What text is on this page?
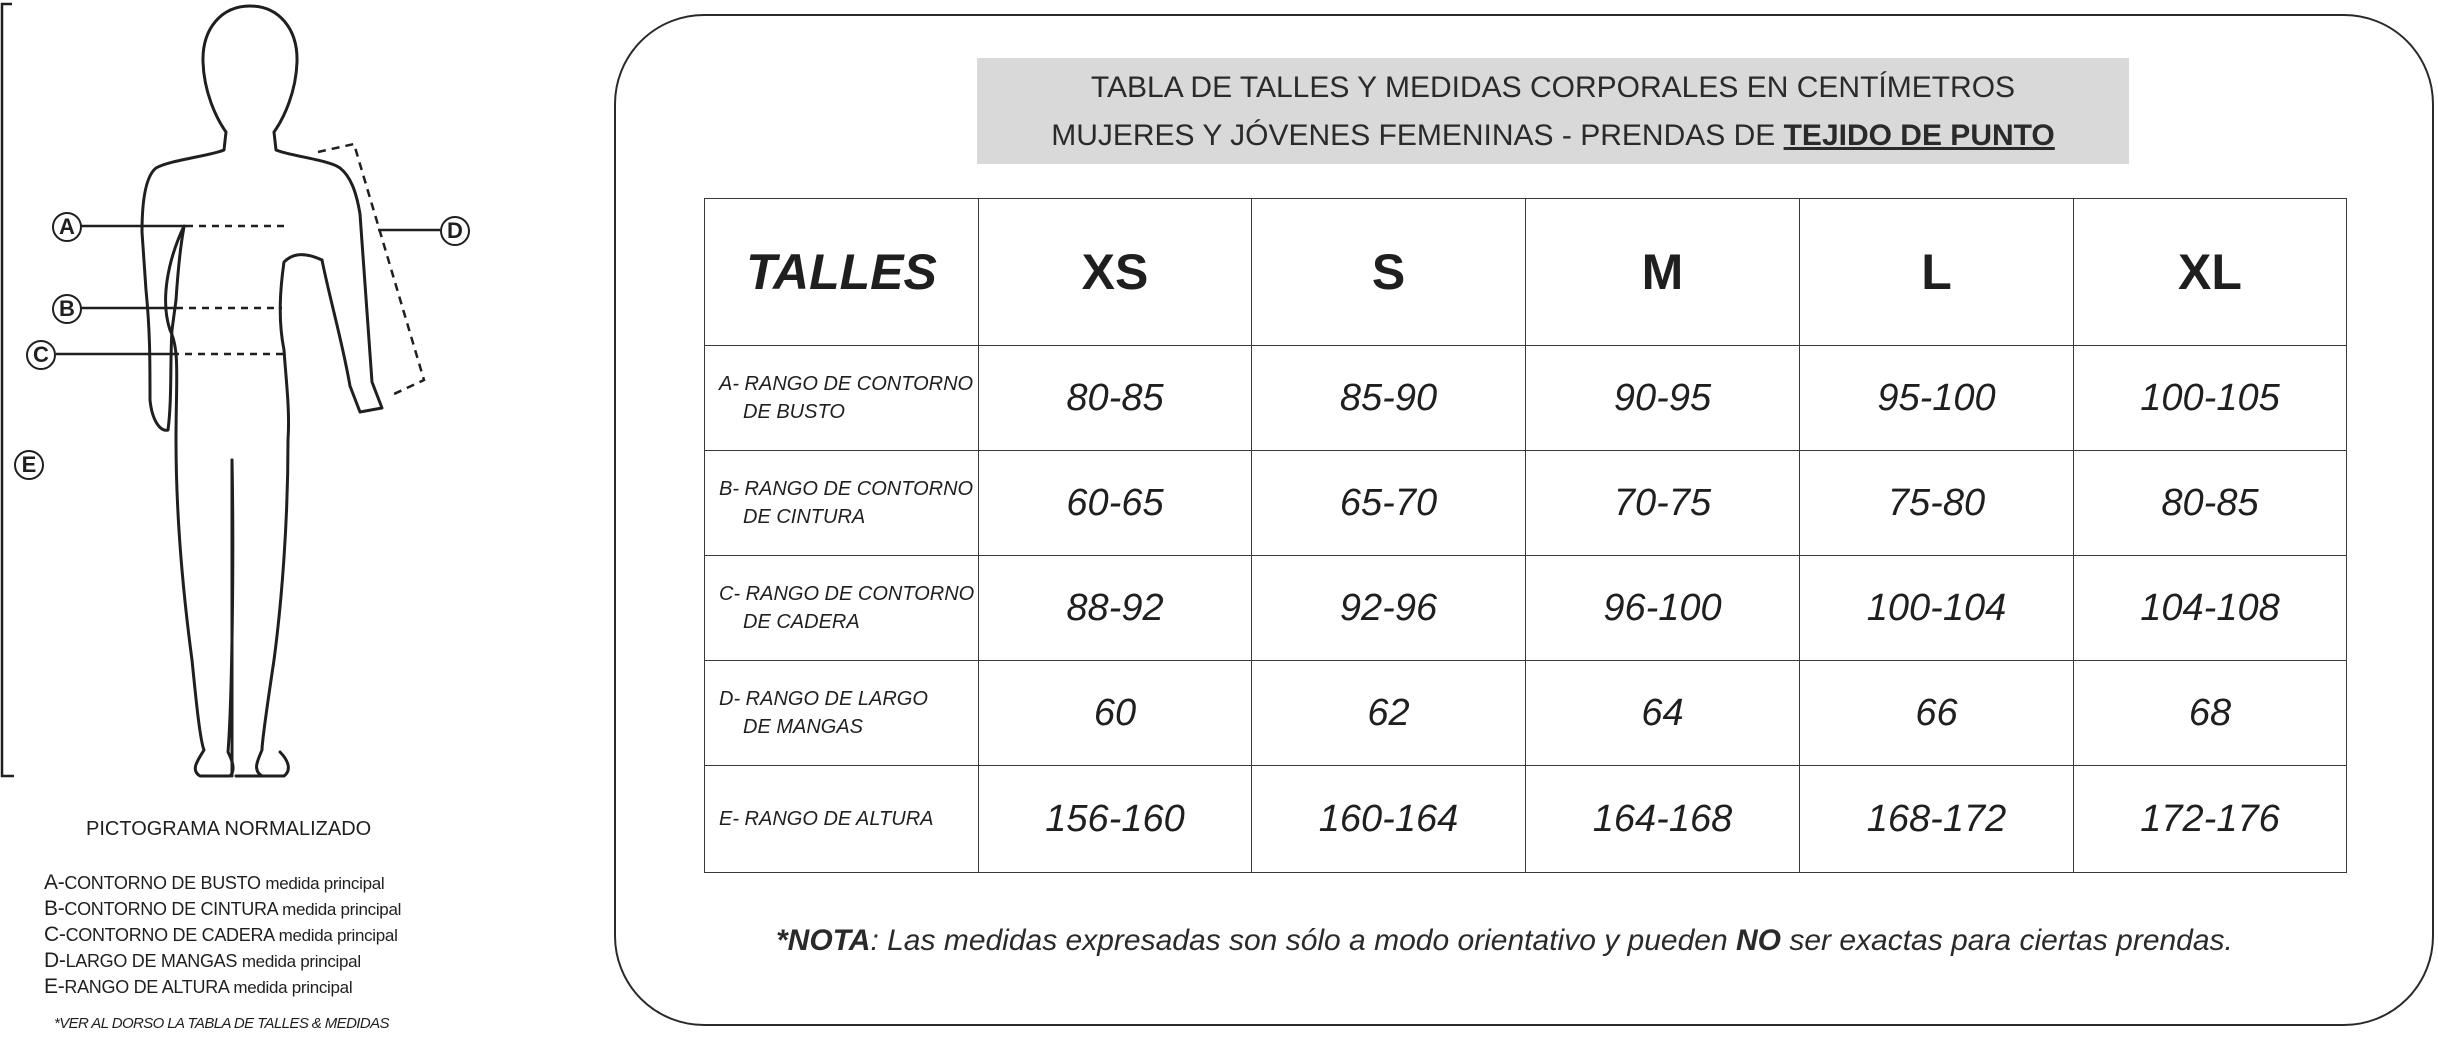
A
B
C
D
E
PICTOGRAMA NORMALIZADO
A-CONTORNO DE BUSTO medida principal
B-CONTORNO DE CINTURA medida principal
C-CONTORNO DE CADERA medida principal
D-LARGO DE MANGAS medida principal
E-RANGO DE ALTURA medida principal
*VER AL DORSO LA TABLA DE TALLES & MEDIDAS
TABLA DE TALLES Y MEDIDAS CORPORALES EN CENTÍMETROS
MUJERES Y JÓVENES FEMENINAS - PRENDAS DE TEJIDO DE PUNTO
TALLES	XS	S	M	L	XL
A- RANGO DE CONTORNO
DE BUSTO	80-85	85-90	90-95	95-100	100-105
B- RANGO DE CONTORNO
DE CINTURA	60-65	65-70	70-75	75-80	80-85
C- RANGO DE CONTORNO
DE CADERA	88-92	92-96	96-100	100-104	104-108
D- RANGO DE LARGO
DE MANGAS	60	62	64	66	68
E- RANGO DE ALTURA	156-160	160-164	164-168	168-172	172-176
*NOTA: Las medidas expresadas son sólo a modo orientativo y pueden NO ser exactas para ciertas prendas.
